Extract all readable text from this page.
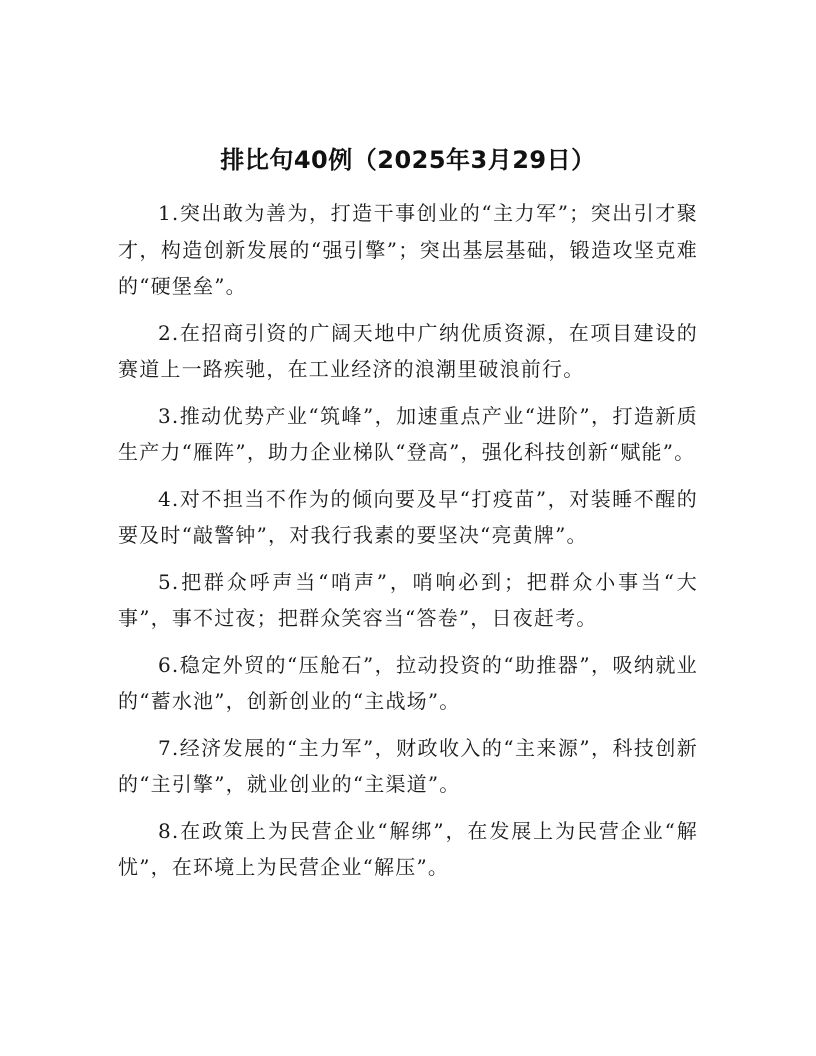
排比句40例（2025年3月29日）

1.突出敢为善为，打造干事创业的“主力军”；突出引才聚才，构造创新发展的“强引擎”；突出基层基础，锻造攻坚克难的“硬堡垒”。

2.在招商引资的广阔天地中广纳优质资源，在项目建设的赛道上一路疾驰，在工业经济的浪潮里破浪前行。

3.推动优势产业“筑峰”，加速重点产业“进阶”，打造新质生产力“雁阵”，助力企业梯队“登高”，强化科技创新“赋能”。

4.对不担当不作为的倾向要及早“打疫苗”，对装睡不醒的要及时“敲警钟”，对我行我素的要坚决“亮黄牌”。

5.把群众呼声当“哨声”，哨响必到；把群众小事当“大事”，事不过夜；把群众笑容当“答卷”，日夜赶考。

6.稳定外贸的“压舱石”，拉动投资的“助推器”，吸纳就业的“蓄水池”，创新创业的“主战场”。

7.经济发展的“主力军”，财政收入的“主来源”，科技创新的“主引擎”，就业创业的“主渠道”。

8.在政策上为民营企业“解绑”，在发展上为民营企业“解忧”，在环境上为民营企业“解压”。
